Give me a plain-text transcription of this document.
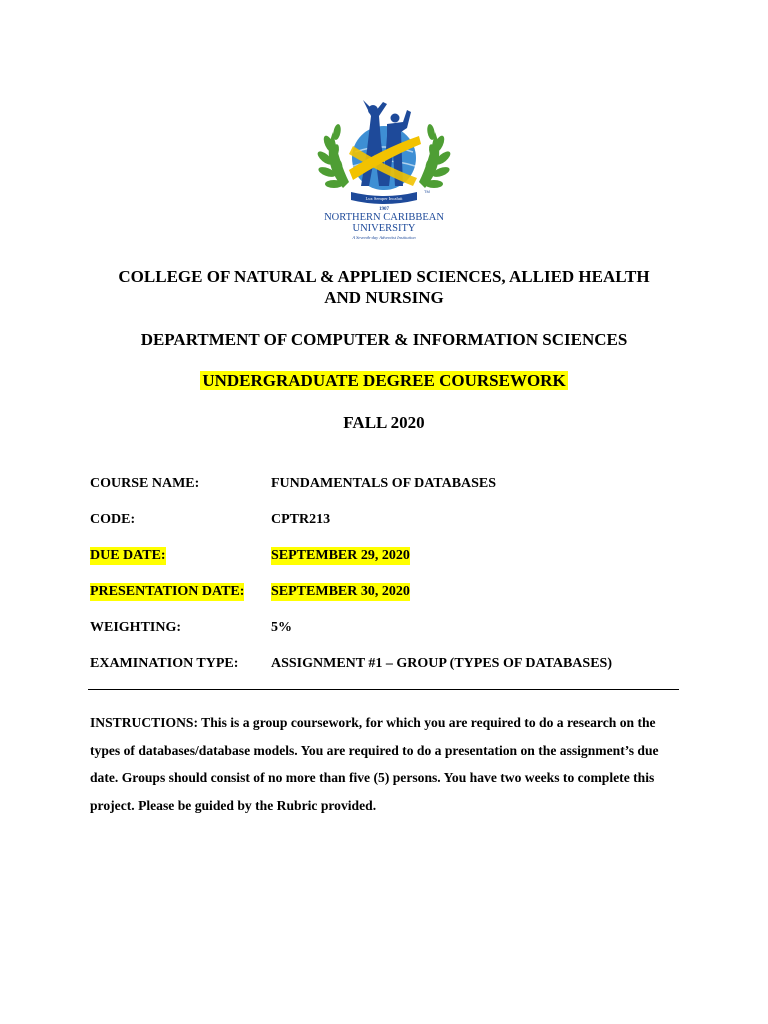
Lux Semper Incaluit
TM
1907
NORTHERN CARIBBEAN
UNIVERSITY
A Seventh-day Adventist Institution
COLLEGE OF NATURAL & APPLIED SCIENCES, ALLIED HEALTH
AND NURSING
DEPARTMENT OF COMPUTER & INFORMATION SCIENCES
UNDERGRADUATE DEGREE COURSEWORK
FALL 2020
COURSE NAME:	FUNDAMENTALS OF DATABASES
CODE:	CPTR213
DUE DATE:	SEPTEMBER 29, 2020
PRESENTATION DATE: SEPTEMBER 30, 2020
WEIGHTING:	5%
EXAMINATION TYPE: ASSIGNMENT #1 – GROUP (TYPES OF DATABASES)
INSTRUCTIONS: This is a group coursework, for which you are required to do a research on the types of databases/database models. You are required to do a presentation on the assignment’s due date. Groups should consist of no more than five (5) persons. You have two weeks to complete this project. Please be guided by the Rubric provided.
